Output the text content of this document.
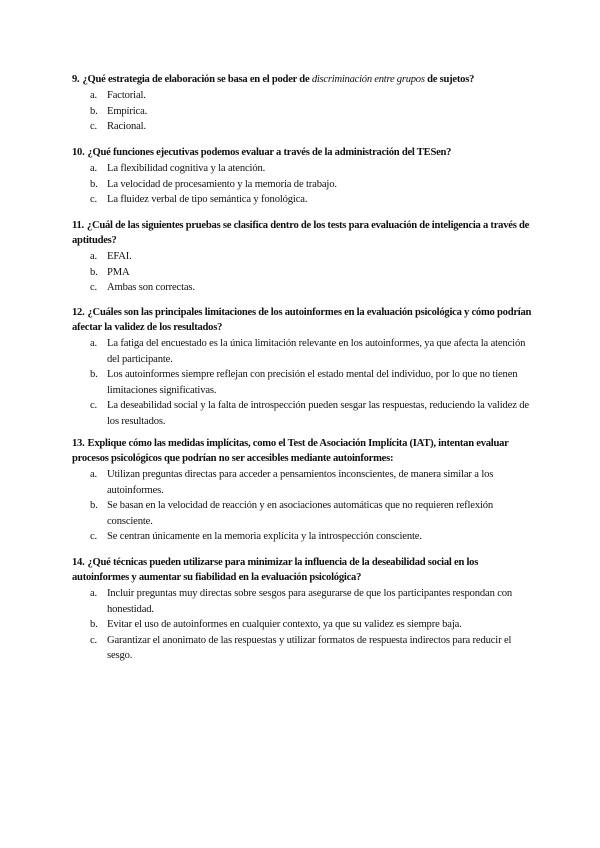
9. ¿Qué estrategia de elaboración se basa en el poder de discriminación entre grupos de sujetos?
a. Factorial.
b. Empírica.
c. Racional.
10. ¿Qué funciones ejecutivas podemos evaluar a través de la administración del TESen?
a. La flexibilidad cognitiva y la atención.
b. La velocidad de procesamiento y la memoria de trabajo.
c. La fluidez verbal de tipo semántica y fonológica.
11. ¿Cuál de las siguientes pruebas se clasifica dentro de los tests para evaluación de inteligencia a través de aptitudes?
a. EFAI.
b. PMA
c. Ambas son correctas.
12. ¿Cuáles son las principales limitaciones de los autoinformes en la evaluación psicológica y cómo podrían afectar la validez de los resultados?
a. La fatiga del encuestado es la única limitación relevante en los autoinformes, ya que afecta la atención del participante.
b. Los autoinformes siempre reflejan con precisión el estado mental del individuo, por lo que no tienen limitaciones significativas.
c. La deseabilidad social y la falta de introspección pueden sesgar las respuestas, reduciendo la validez de los resultados.
13. Explique cómo las medidas implícitas, como el Test de Asociación Implícita (IAT), intentan evaluar procesos psicológicos que podrían no ser accesibles mediante autoinformes:
a. Utilizan preguntas directas para acceder a pensamientos inconscientes, de manera similar a los autoinformes.
b. Se basan en la velocidad de reacción y en asociaciones automáticas que no requieren reflexión consciente.
c. Se centran únicamente en la memoria explícita y la introspección consciente.
14. ¿Qué técnicas pueden utilizarse para minimizar la influencia de la deseabilidad social en los autoinformes y aumentar su fiabilidad en la evaluación psicológica?
a. Incluir preguntas muy directas sobre sesgos para asegurarse de que los participantes respondan con honestidad.
b. Evitar el uso de autoinformes en cualquier contexto, ya que su validez es siempre baja.
c. Garantizar el anonimato de las respuestas y utilizar formatos de respuesta indirectos para reducir el sesgo.
